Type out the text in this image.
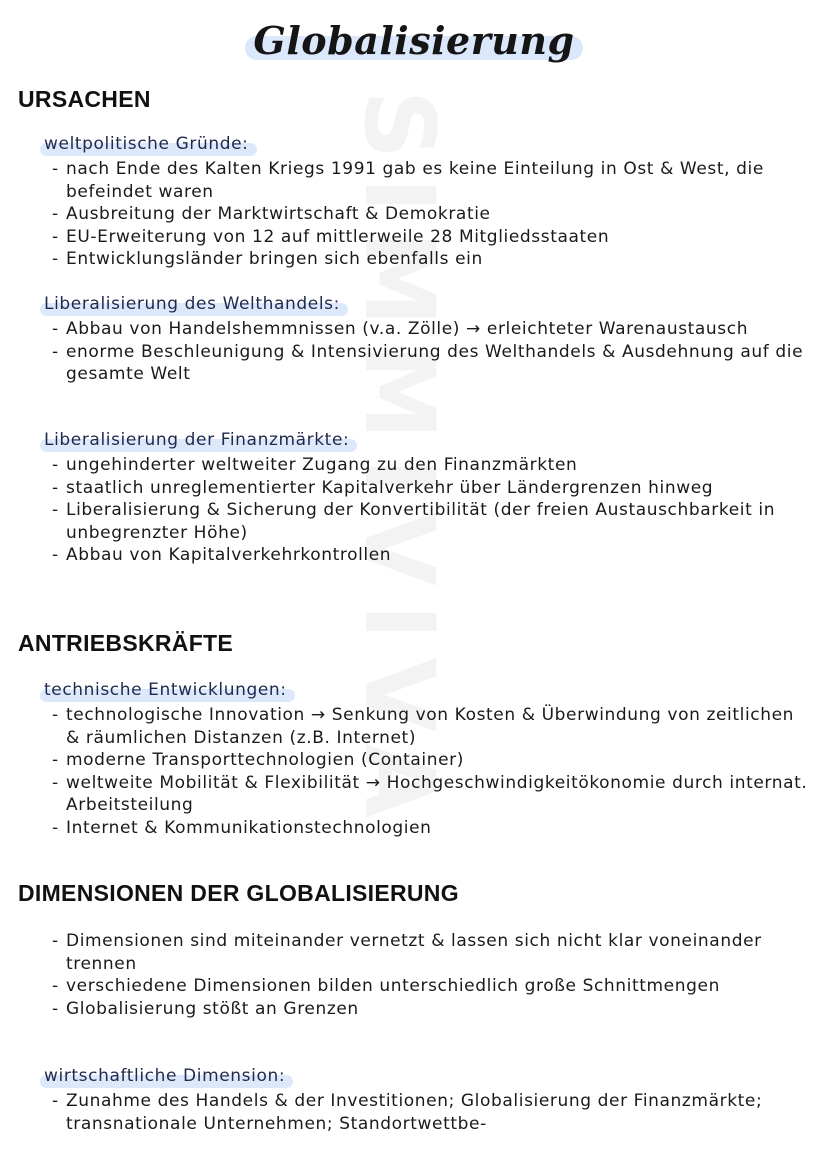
Globalisierung
SIMMIVIVA
URSACHEN
weltpolitische Gründe:
- nach Ende des Kalten Kriegs 1991 gab es keine Einteilung in Ost & West, die befeindet waren
- Ausbreitung der Marktwirtschaft & Demokratie
- EU-Erweiterung von 12 auf mittlerweile 28 Mitgliedsstaaten
- Entwicklungsländer bringen sich ebenfalls ein
Liberalisierung des Welthandels:
- Abbau von Handelshemmnissen (v.a. Zölle) → erleichteter Warenaustausch
- enorme Beschleunigung & Intensivierung des Welthandels & Ausdehnung auf die gesamte Welt
Liberalisierung der Finanzmärkte:
- ungehinderter weltweiter Zugang zu den Finanzmärkten
- staatlich unreglementierter Kapitalverkehr über Ländergrenzen hinweg
- Liberalisierung & Sicherung der Konvertibilität (der freien Austauschbarkeit in unbegrenzter Höhe)
- Abbau von Kapitalverkehrkontrollen
ANTRIEBSKRÄFTE
technische Entwicklungen:
- technologische Innovation → Senkung von Kosten & Überwindung von zeitlichen & räumlichen Distanzen (z.B. Internet)
- moderne Transporttechnologien (Container)
- weltweite Mobilität & Flexibilität → Hochgeschwindigkeitökonomie durch internat. Arbeitsteilung
- Internet & Kommunikationstechnologien
DIMENSIONEN DER GLOBALISIERUNG
- Dimensionen sind miteinander vernetzt & lassen sich nicht klar voneinander trennen
- verschiedene Dimensionen bilden unterschiedlich große Schnittmengen
- Globalisierung stößt an Grenzen
wirtschaftliche Dimension:
- Zunahme des Handels & der Investitionen; Globalisierung der Finanzmärkte; transnationale Unternehmen; Standortwettbe-
